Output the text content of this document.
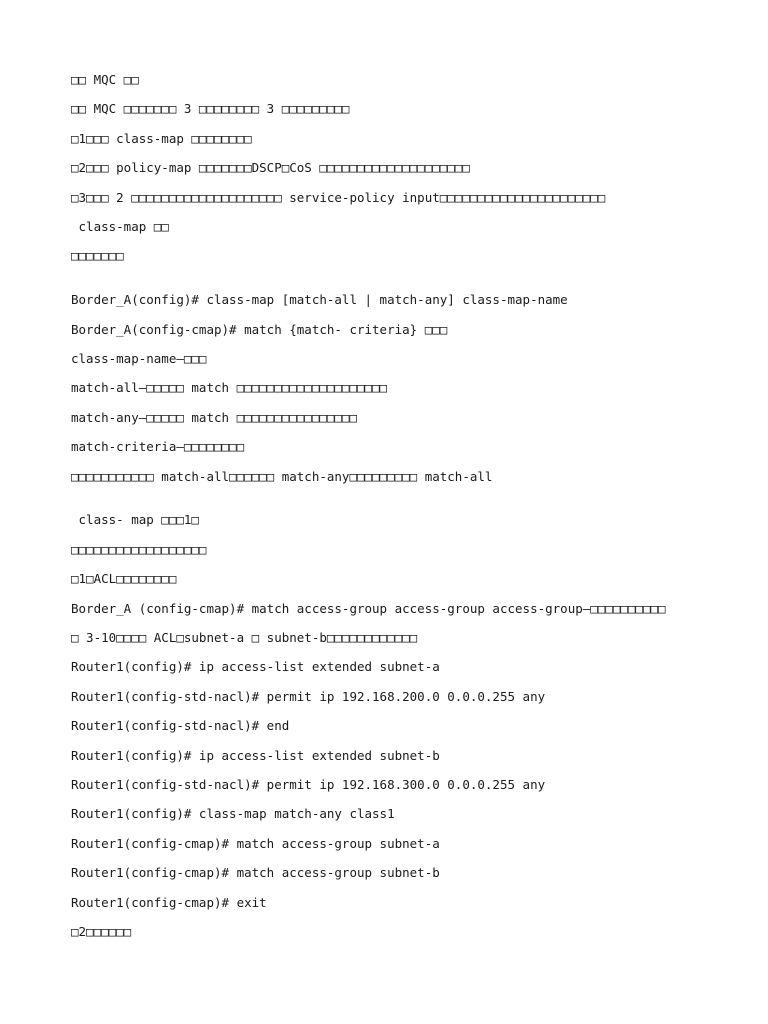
□□ MQC □□
□□ MQC □□□□□□□ 3 □□□□□□□□ 3 □□□□□□□□□
□1□□□ class-map □□□□□□□□
□2□□□ policy-map □□□□□□□DSCP□CoS □□□□□□□□□□□□□□□□□□□□
□3□□□ 2 □□□□□□□□□□□□□□□□□□□□ service-policy input□□□□□□□□□□□□□□□□□□□□□□
class-map □□
□□□□□□□
Border_A(config)# class-map [match-all | match-any] class-map-name
Border_A(config-cmap)# match {match- criteria} □□□
class-map-name–□□□
match-all–□□□□□ match □□□□□□□□□□□□□□□□□□□□
match-any–□□□□□ match □□□□□□□□□□□□□□□□
match-criteria–□□□□□□□□
□□□□□□□□□□□ match-all□□□□□□ match-any□□□□□□□□□ match-all
class- map □□□1□
□□□□□□□□□□□□□□□□□□
□1□ACL□□□□□□□□
Border_A (config-cmap)# match access-group access-group access-group–□□□□□□□□□□
□ 3-10□□□□ ACL□subnet-a □ subnet-b□□□□□□□□□□□□
Router1(config)# ip access-list extended subnet-a
Router1(config-std-nacl)# permit ip 192.168.200.0 0.0.0.255 any
Router1(config-std-nacl)# end
Router1(config)# ip access-list extended subnet-b
Router1(config-std-nacl)# permit ip 192.168.300.0 0.0.0.255 any
Router1(config)# class-map match-any class1
Router1(config-cmap)# match access-group subnet-a
Router1(config-cmap)# match access-group subnet-b
Router1(config-cmap)# exit
□2□□□□□□
